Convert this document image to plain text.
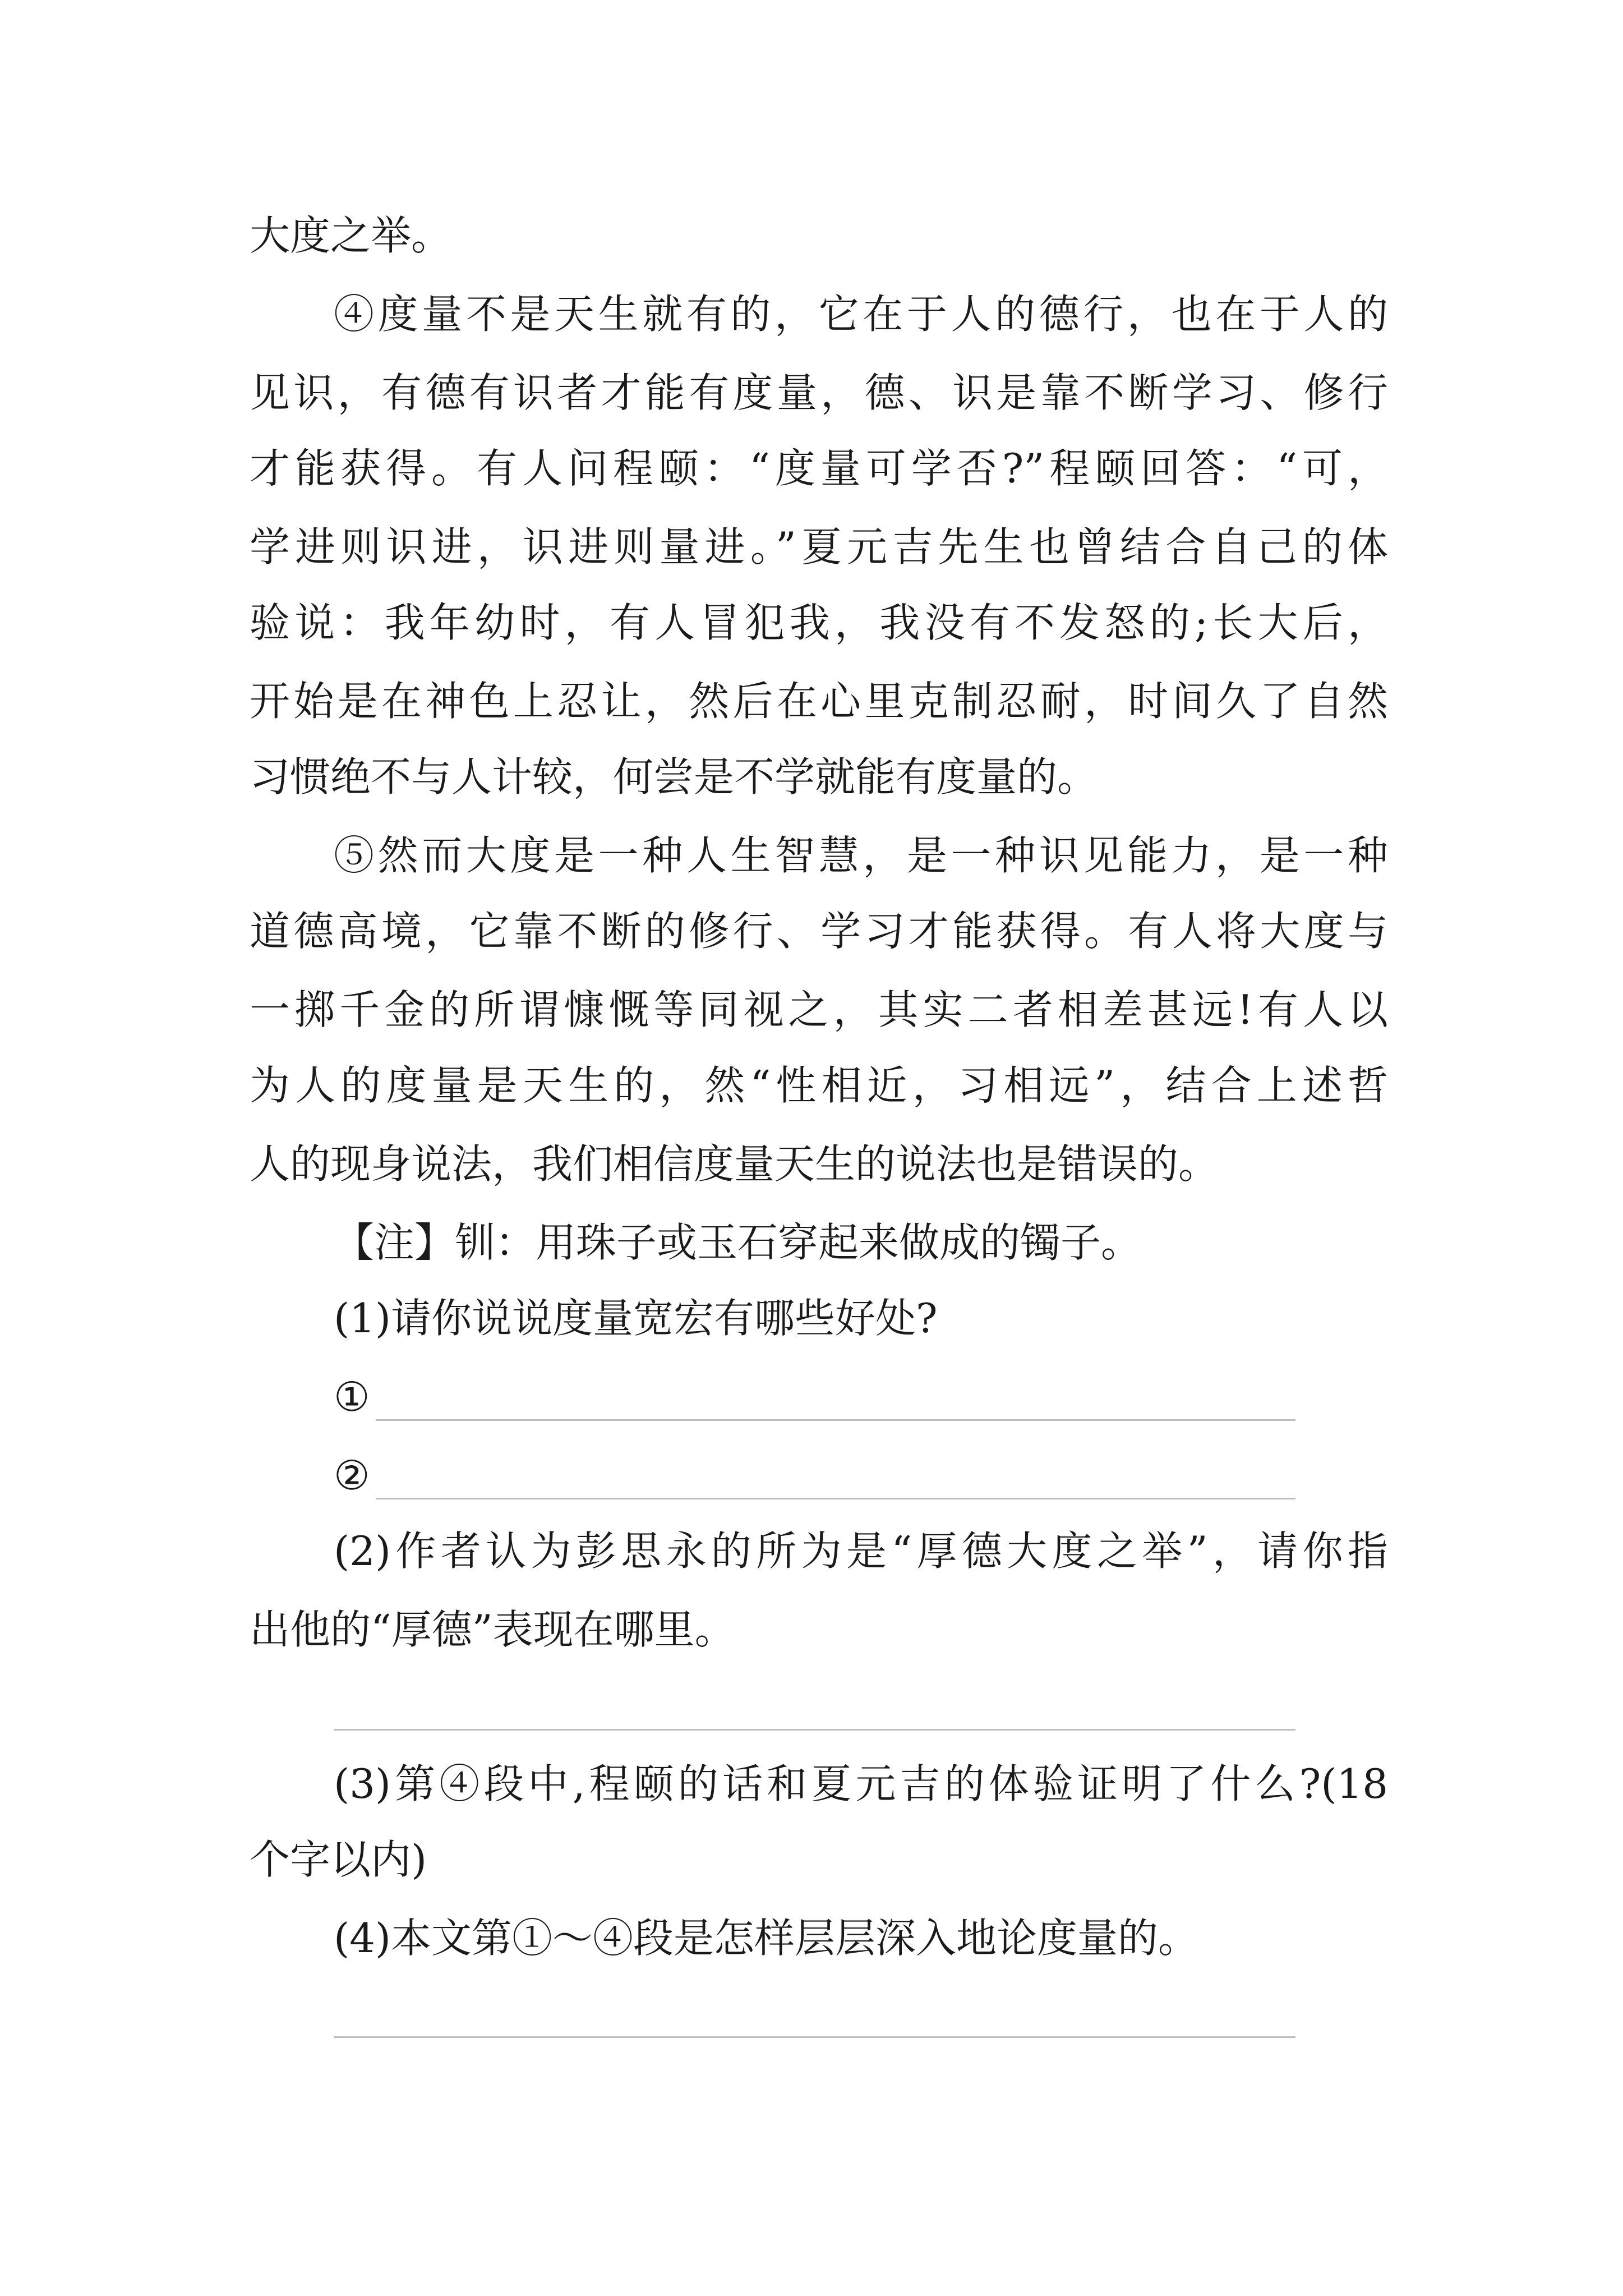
大度之举。
④度量不是天生就有的，它在于人的德行，也在于人的
见识，有德有识者才能有度量，德、识是靠不断学习、修行
才能获得。有人问程颐：“度量可学否?”程颐回答：“可，
学进则识进，识进则量进。”夏元吉先生也曾结合自己的体
验说：我年幼时，有人冒犯我，我没有不发怒的;长大后，
开始是在神色上忍让，然后在心里克制忍耐，时间久了自然
习惯绝不与人计较，何尝是不学就能有度量的。
⑤然而大度是一种人生智慧，是一种识见能力，是一种
道德高境，它靠不断的修行、学习才能获得。有人将大度与
一掷千金的所谓慷慨等同视之，其实二者相差甚远!有人以
为人的度量是天生的，然“性相近，习相远”，结合上述哲
人的现身说法，我们相信度量天生的说法也是错误的。
【注】钏：用珠子或玉石穿起来做成的镯子。
(1)请你说说度量宽宏有哪些好处?
①
②
(2)作者认为彭思永的所为是“厚德大度之举”，请你指
出他的“厚德”表现在哪里。
(3)第④段中,程颐的话和夏元吉的体验证明了什么?(18
个字以内)
(4)本文第①～④段是怎样层层深入地论度量的。
